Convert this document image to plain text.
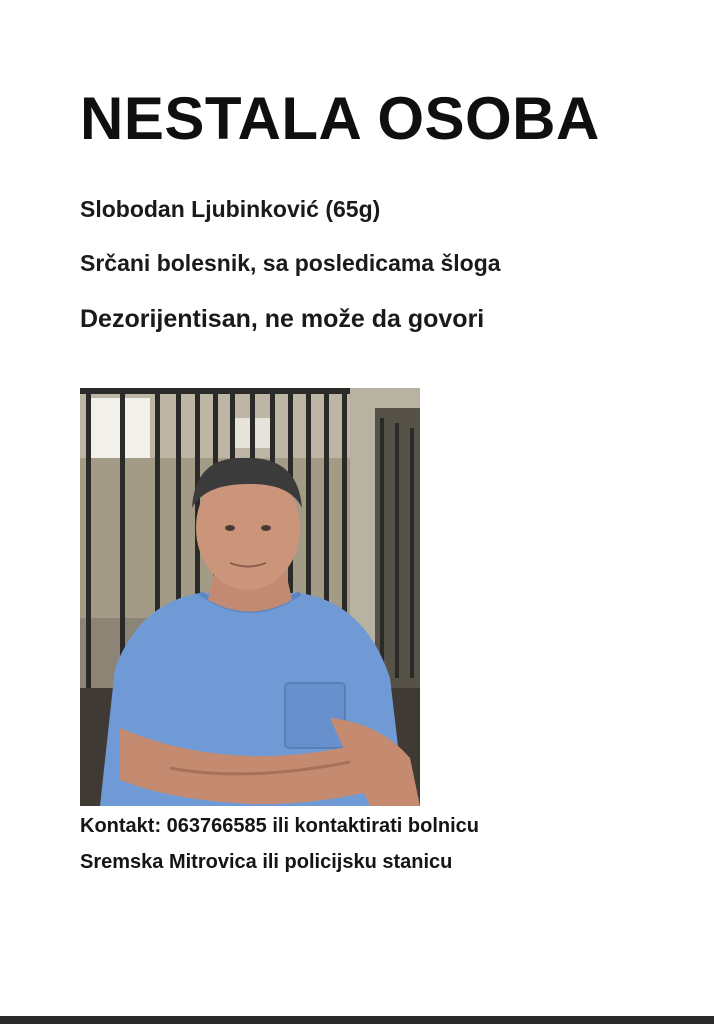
NESTALA OSOBA
Slobodan Ljubinković (65g)
Srčani bolesnik, sa posledicama šloga
Dezorijentisan, ne može da govori
Kontakt: 063766585 ili kontaktirati bolnicu
Sremska Mitrovica ili policijsku stanicu
